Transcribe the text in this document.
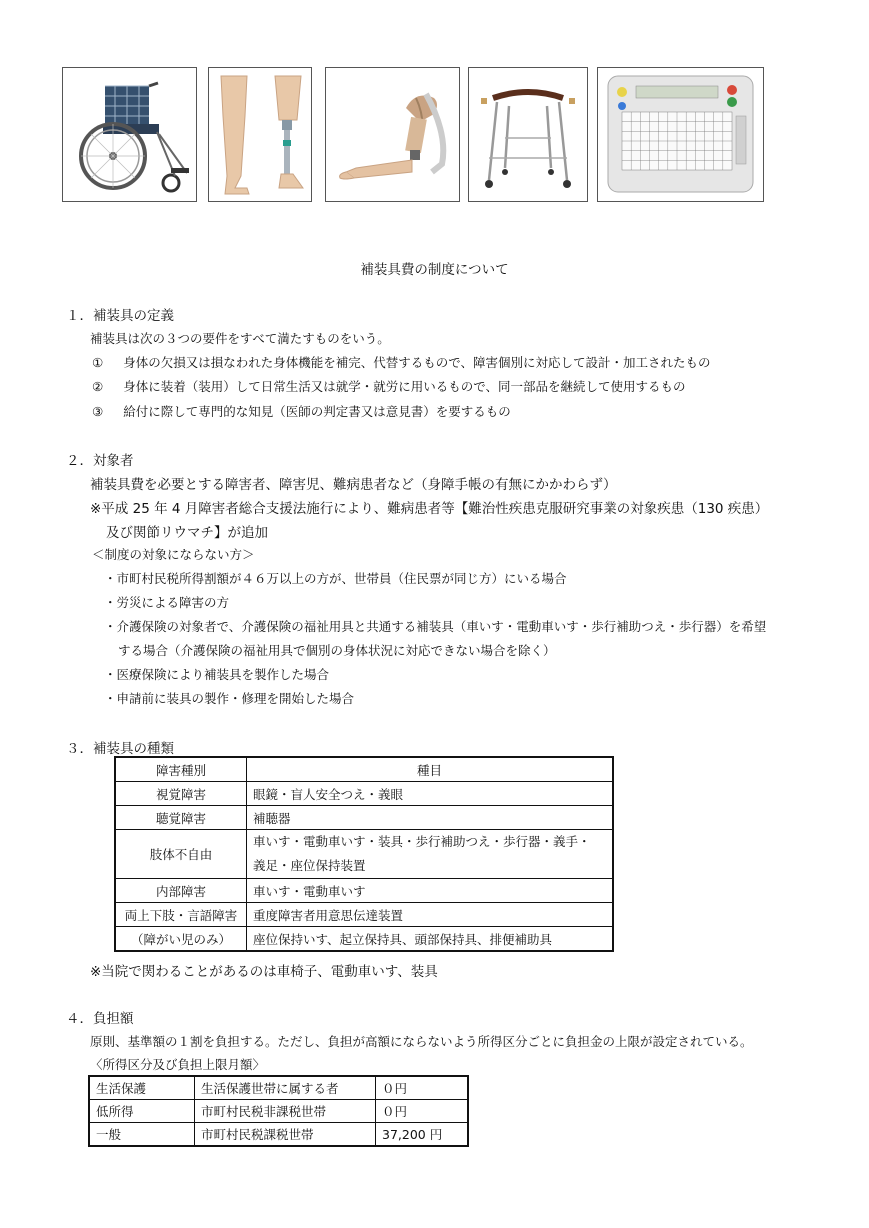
補装具費の制度について
１．補装具の定義
補装具は次の３つの要件をすべて満たすものをいう。
① 身体の欠損又は損なわれた身体機能を補完、代替するもので、障害個別に対応して設計・加工されたもの
② 身体に装着（装用）して日常生活又は就学・就労に用いるもので、同一部品を継続して使用するもの
③ 給付に際して専門的な知見（医師の判定書又は意見書）を要するもの
２．対象者
補装具費を必要とする障害者、障害児、難病患者など（身障手帳の有無にかかわらず）
※平成 25 年 4 月障害者総合支援法施行により、難病患者等【難治性疾患克服研究事業の対象疾患（130 疾患）
及び関節リウマチ】が追加
＜制度の対象にならない方＞
・市町村民税所得割額が４６万以上の方が、世帯員（住民票が同じ方）にいる場合
・労災による障害の方
・介護保険の対象者で、介護保険の福祉用具と共通する補装具（車いす・電動車いす・歩行補助つえ・歩行器）を希望
する場合（介護保険の福祉用具で個別の身体状況に対応できない場合を除く）
・医療保険により補装具を製作した場合
・申請前に装具の製作・修理を開始した場合
３．補装具の種類
障害種別	種目
視覚障害	眼鏡・盲人安全つえ・義眼
聴覚障害	補聴器
肢体不自由	車いす・電動車いす・装具・歩行補助つえ・歩行器・義手・
義足・座位保持装置

内部障害	車いす・電動車いす
両上下肢・言語障害	重度障害者用意思伝達装置
（障がい児のみ）	座位保持いす、起立保持具、頭部保持具、排便補助具
※当院で関わることがあるのは車椅子、電動車いす、装具
４．負担額
原則、基準額の１割を負担する。ただし、負担が高額にならないよう所得区分ごとに負担金の上限が設定されている。
〈所得区分及び負担上限月額〉
生活保護	生活保護世帯に属する者	０円
低所得	市町村民税非課税世帯	０円
一般	市町村民税課税世帯	37,200 円
